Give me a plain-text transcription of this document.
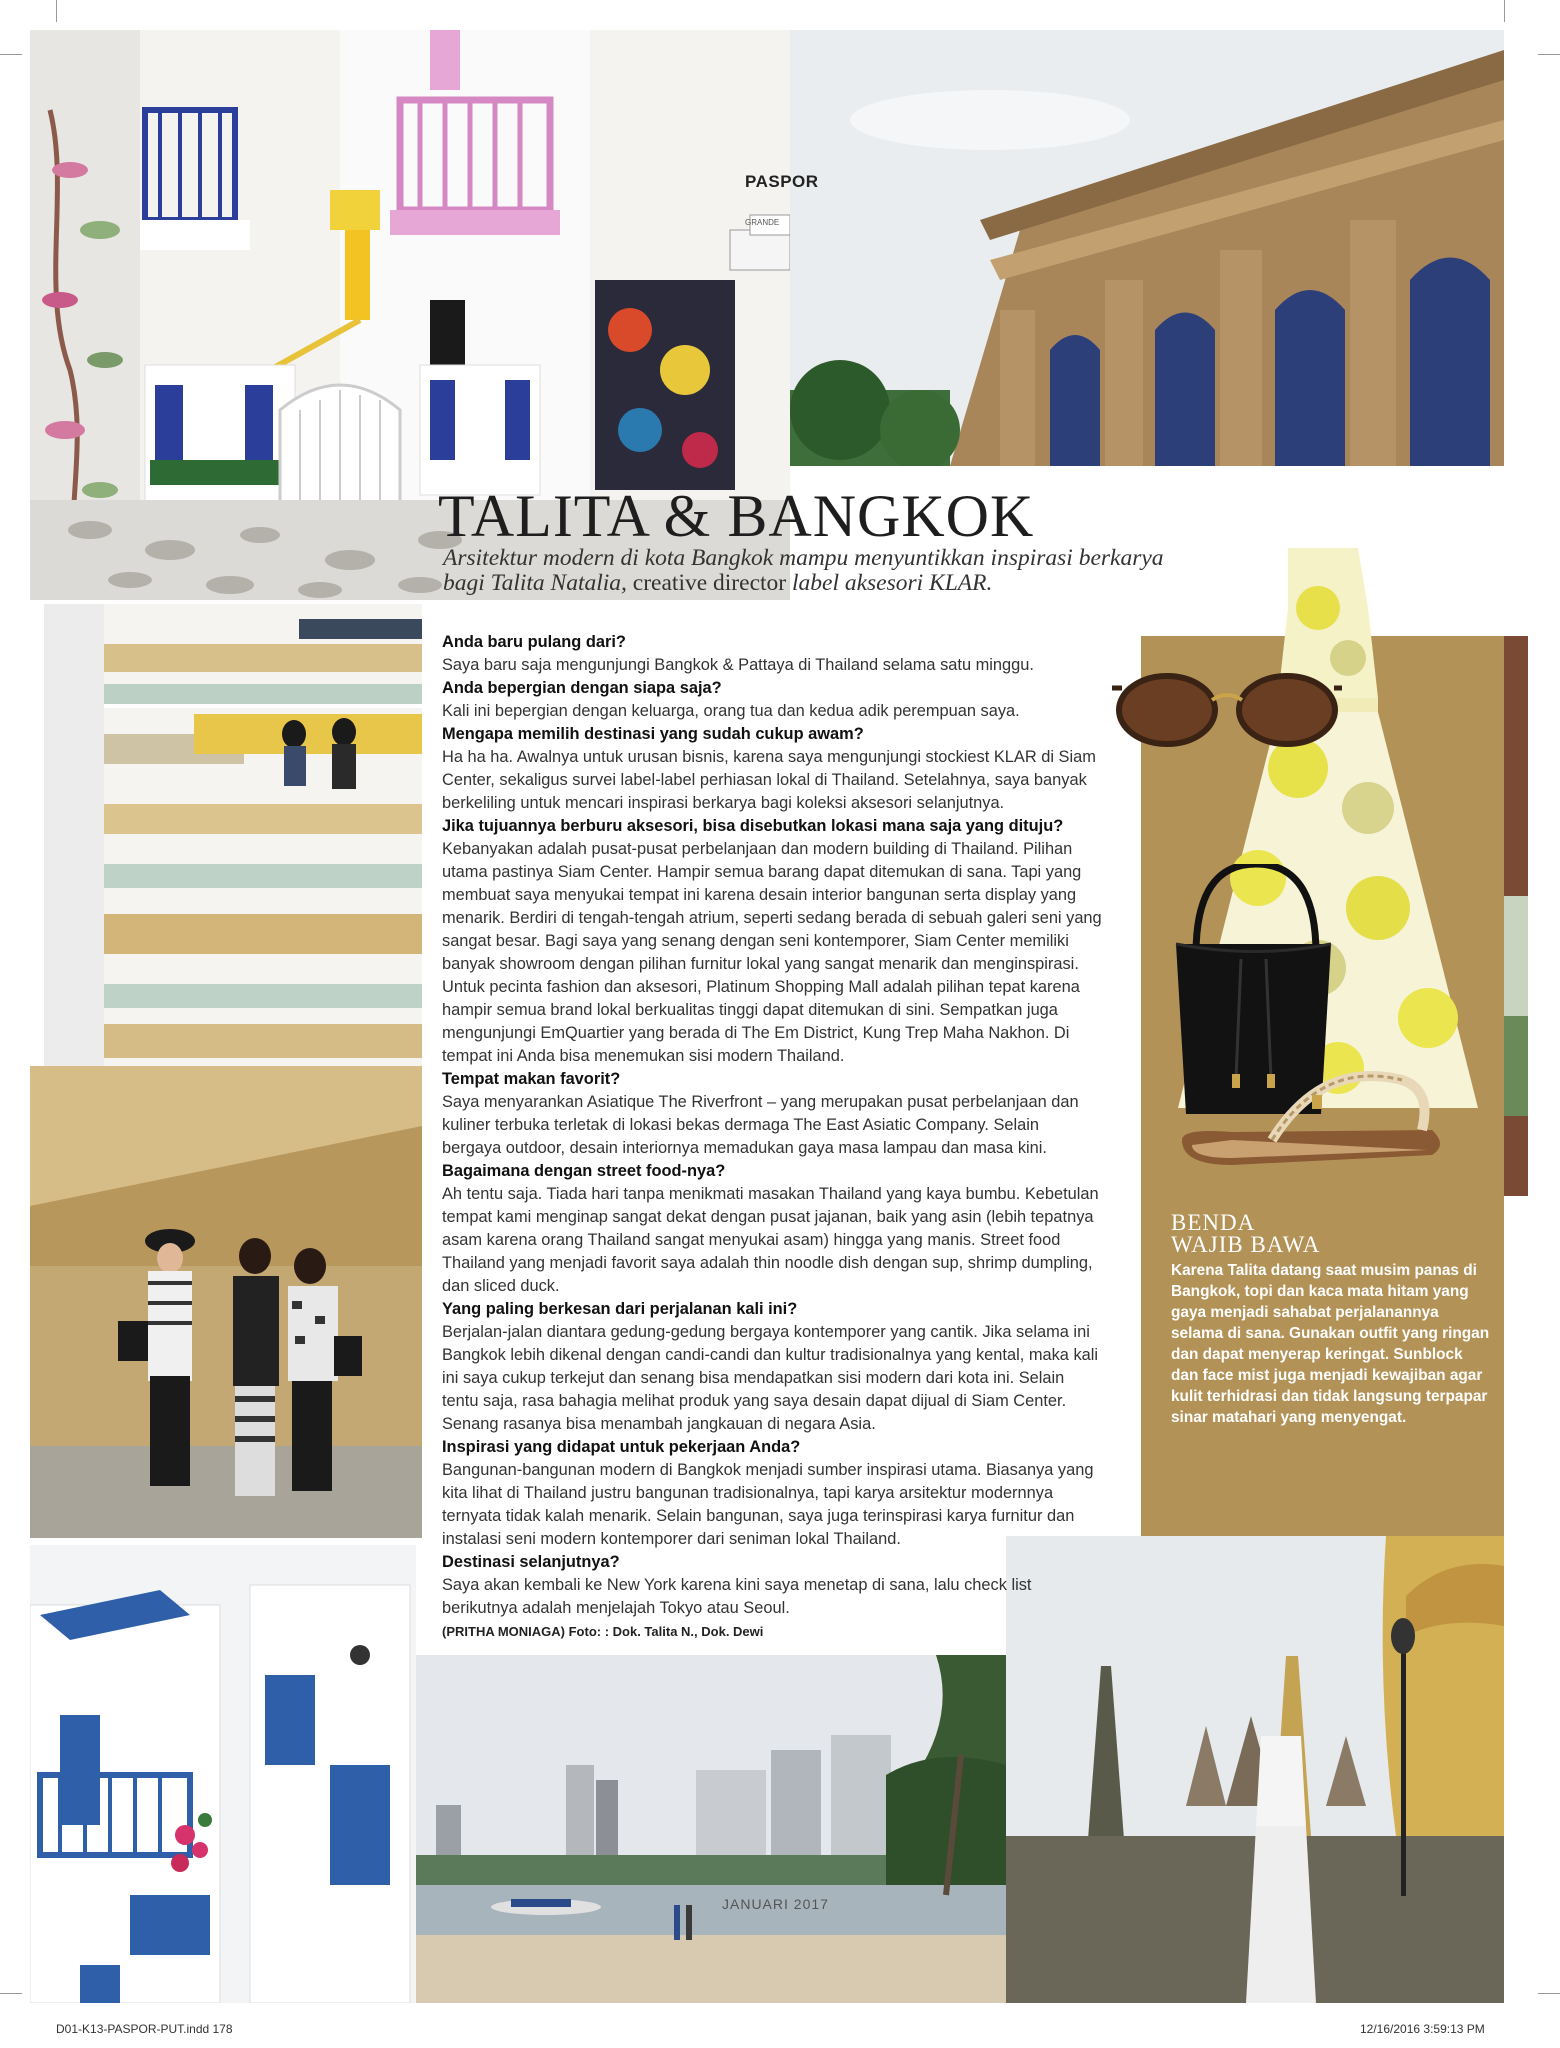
GRANDE
JANUARI 2017
PASPOR
TALITA & BANGKOK
Arsitektur modern di kota Bangkok mampu menyuntikkan inspirasi berkarya bagi Talita Natalia, creative director label aksesori KLAR.

Anda baru pulang dari?

Saya baru saja mengunjungi Bangkok & Pattaya di Thailand selama satu minggu.

Anda bepergian dengan siapa saja?

Kali ini bepergian dengan keluarga, orang tua dan kedua adik perempuan saya.

Mengapa memilih destinasi yang sudah cukup awam?

Ha ha ha. Awalnya untuk urusan bisnis, karena saya mengunjungi stockiest KLAR di Siam Center, sekaligus survei label-label perhiasan lokal di Thailand. Setelahnya, saya banyak berkeliling untuk mencari inspirasi berkarya bagi koleksi aksesori selanjutnya.

Jika tujuannya berburu aksesori, bisa disebutkan lokasi mana saja yang dituju?

Kebanyakan adalah pusat-pusat perbelanjaan dan modern building di Thailand. Pilihan utama pastinya Siam Center. Hampir semua barang dapat ditemukan di sana. Tapi yang membuat saya menyukai tempat ini karena desain interior bangunan serta display yang menarik. Berdiri di tengah-tengah atrium, seperti sedang berada di sebuah galeri seni yang sangat besar. Bagi saya yang senang dengan seni kontemporer, Siam Center memiliki banyak showroom dengan pilihan furnitur lokal yang sangat menarik dan menginspirasi. Untuk pecinta fashion dan aksesori, Platinum Shopping Mall adalah pilihan tepat karena hampir semua brand lokal berkualitas tinggi dapat ditemukan di sini. Sempatkan juga mengunjungi EmQuartier yang berada di The Em District, Kung Trep Maha Nakhon. Di tempat ini Anda bisa menemukan sisi modern Thailand.

Tempat makan favorit?

Saya menyarankan Asiatique The Riverfront – yang merupakan pusat perbelanjaan dan kuliner terbuka terletak di lokasi bekas dermaga The East Asiatic Company. Selain bergaya outdoor, desain interiornya memadukan gaya masa lampau dan masa kini.

Bagaimana dengan street food-nya?

Ah tentu saja. Tiada hari tanpa menikmati masakan Thailand yang kaya bumbu. Kebetulan tempat kami menginap sangat dekat dengan pusat jajanan, baik yang asin (lebih tepatnya asam karena orang Thailand sangat menyukai asam) hingga yang manis. Street food Thailand yang menjadi favorit saya adalah thin noodle dish dengan sup, shrimp dumpling, dan sliced duck.

Yang paling berkesan dari perjalanan kali ini?

Berjalan-jalan diantara gedung-gedung bergaya kontemporer yang cantik. Jika selama ini Bangkok lebih dikenal dengan candi-candi dan kultur tradisionalnya yang kental, maka kali ini saya cukup terkejut dan senang bisa mendapatkan sisi modern dari kota ini. Selain tentu saja, rasa bahagia melihat produk yang saya desain dapat dijual di Siam Center. Senang rasanya bisa menambah jangkauan di negara Asia.

Inspirasi yang didapat untuk pekerjaan Anda?

Bangunan-bangunan modern di Bangkok menjadi sumber inspirasi utama. Biasanya yang kita lihat di Thailand justru bangunan tradisionalnya, tapi karya arsitektur modernnya ternyata tidak kalah menarik. Selain bangunan, saya juga terinspirasi karya furnitur dan instalasi seni modern kontemporer dari seniman lokal Thailand.

Destinasi selanjutnya?

Saya akan kembali ke New York karena kini saya menetap di sana, lalu check list berikutnya adalah menjelajah Tokyo atau Seoul.

(PRITHA MONIAGA) Foto: : Dok. Talita N., Dok. Dewi

BENDA
WAJIB BAWA
Karena Talita datang saat musim panas di Bangkok, topi dan kaca mata hitam yang gaya menjadi sahabat perjalanannya selama di sana. Gunakan outfit yang ringan dan dapat menyerap keringat. Sunblock dan face mist juga menjadi kewajiban agar kulit terhidrasi dan tidak langsung terpapar sinar matahari yang menyengat.
D01-K13-PASPOR-PUT.indd 178	12/16/2016 3:59:13 PM
